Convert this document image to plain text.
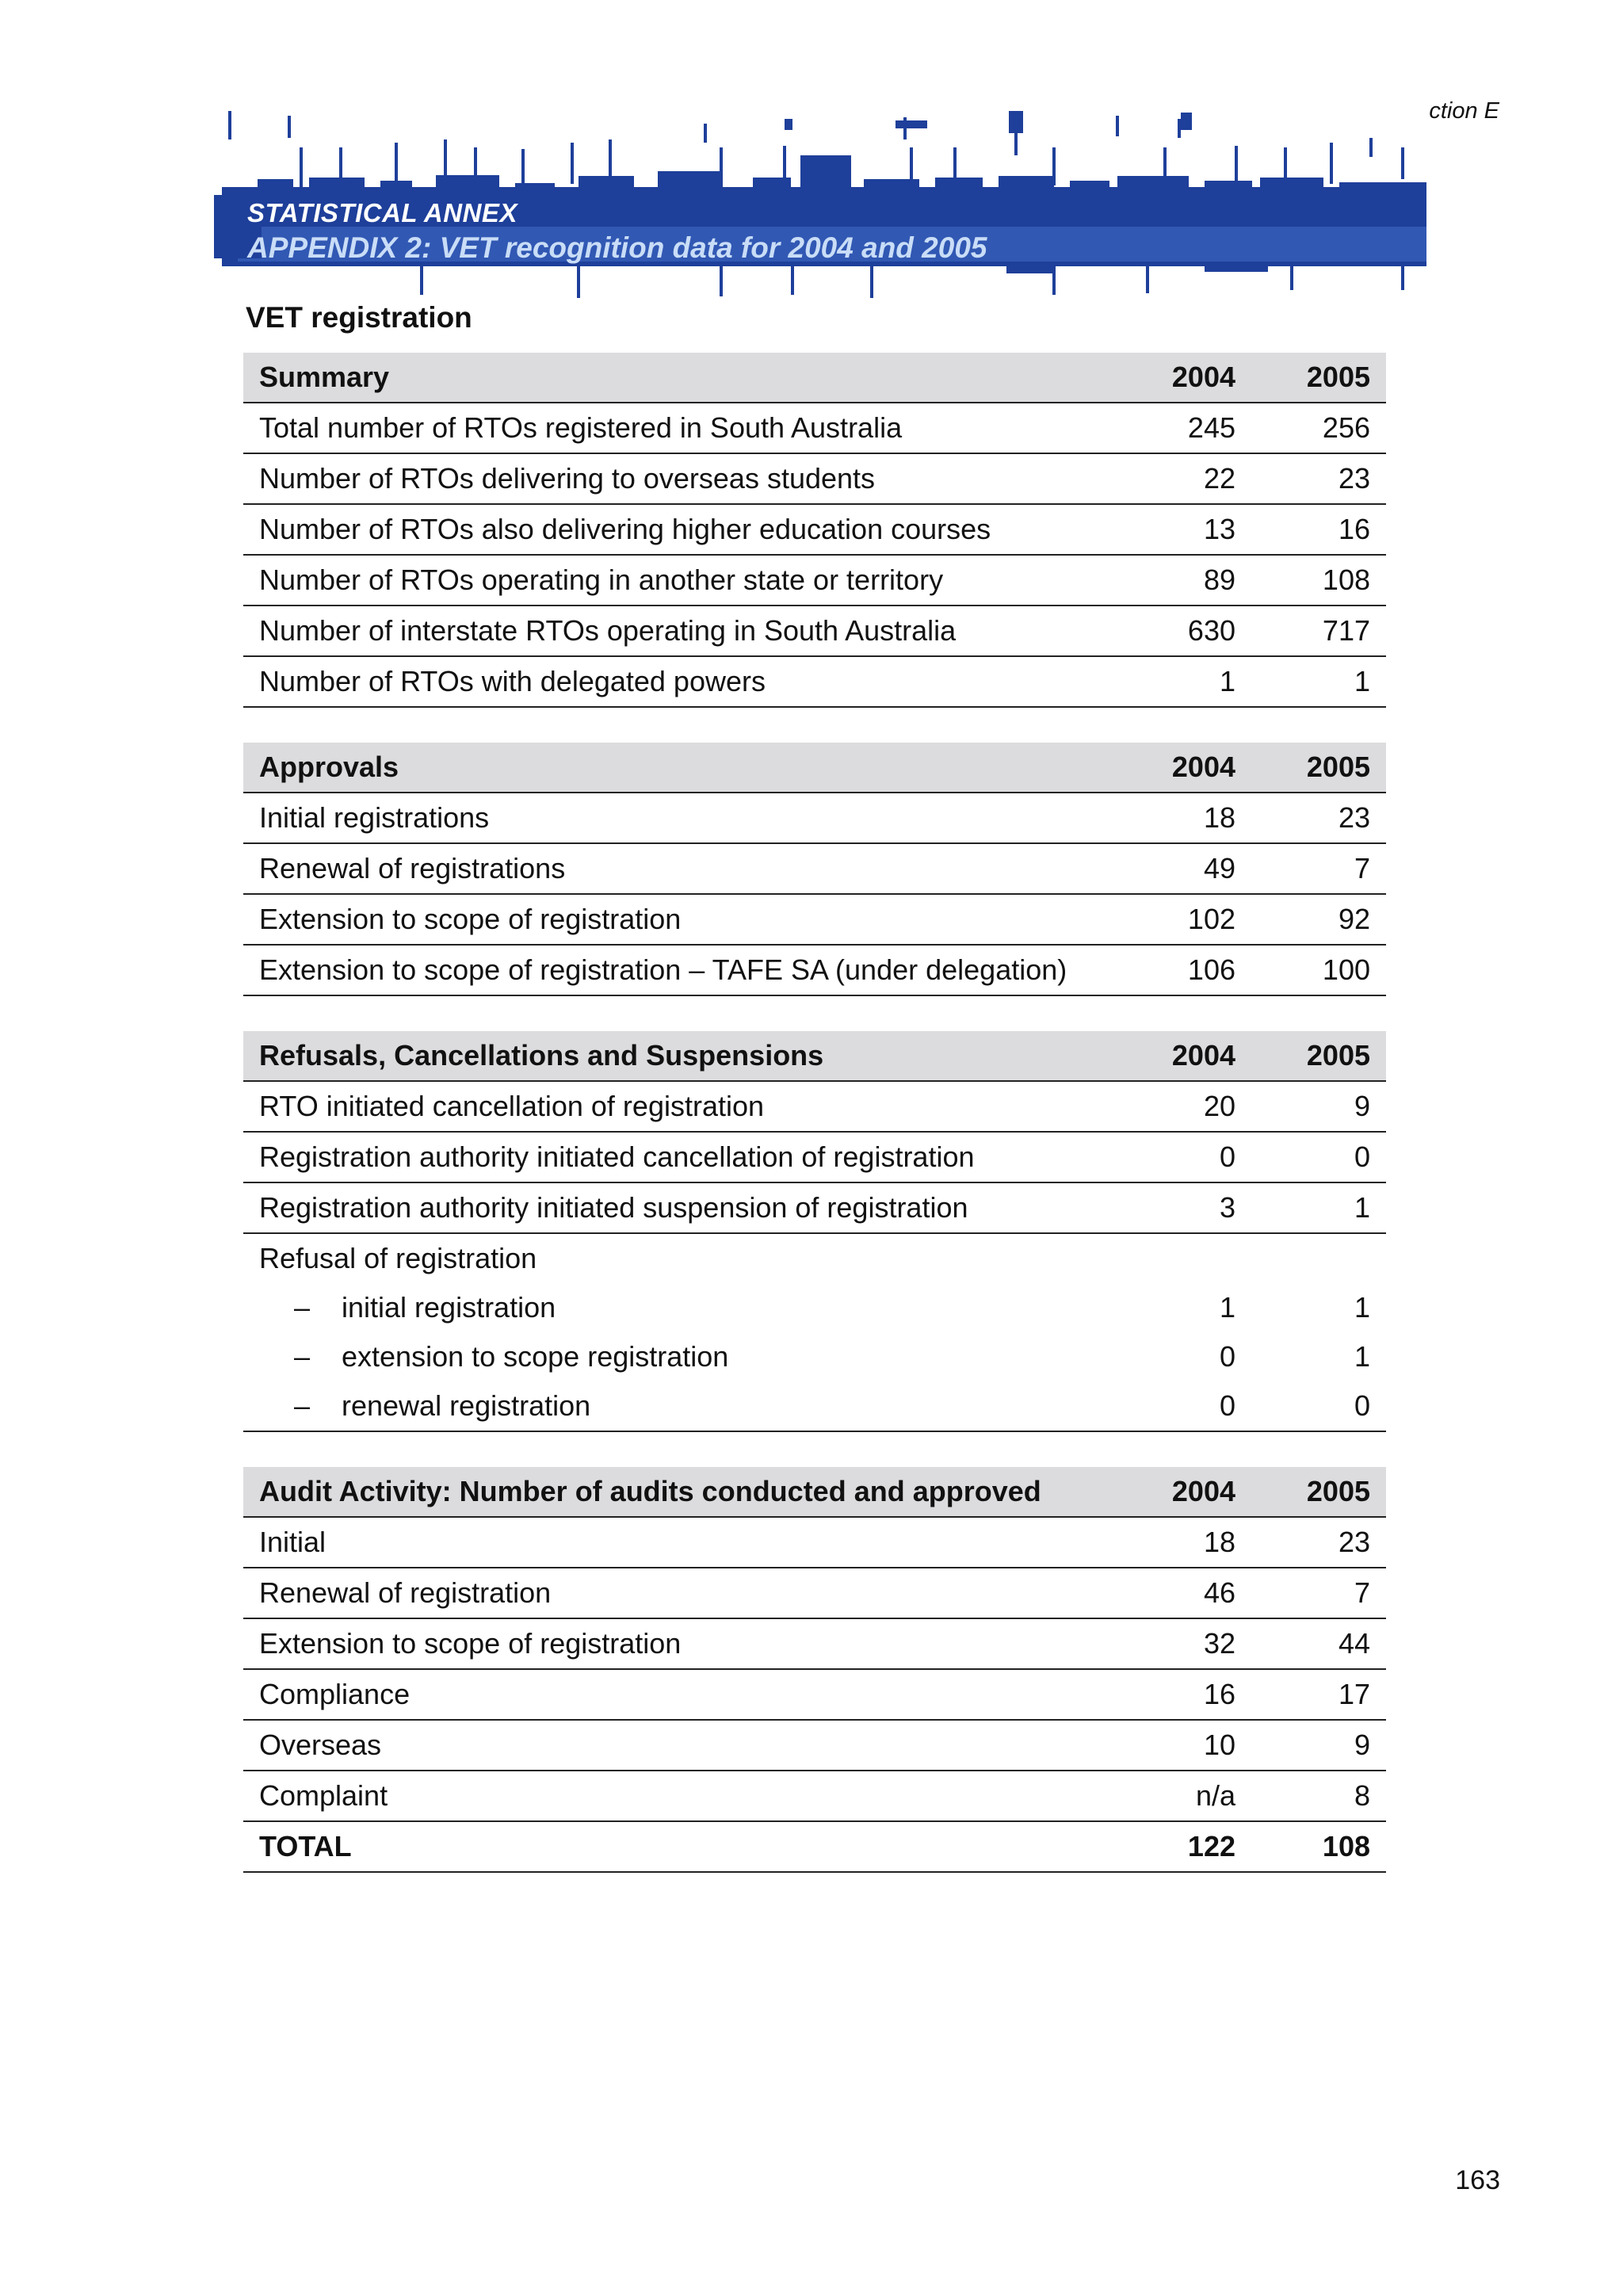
ction E
STATISTICAL ANNEX
APPENDIX 2: VET recognition data for 2004 and 2005
VET registration
Summary	2004	2005
Total number of RTOs registered in South Australia	245	256
Number of RTOs delivering to overseas students	22	23
Number of RTOs also delivering higher education courses	13	16
Number of RTOs operating in another state or territory	89	108
Number of interstate RTOs operating in South Australia	630	717
Number of RTOs with delegated powers	1	1
Approvals	2004	2005
Initial registrations	18	23
Renewal of registrations	49	7
Extension to scope of registration	102	92
Extension to scope of registration – TAFE SA (under delegation)	106	100
Refusals, Cancellations and Suspensions	2004	2005
RTO initiated cancellation of registration	20	9
Registration authority initiated cancellation of registration	0	0
Registration authority initiated suspension of registration	3	1
Refusal of registration		
– initial registration	1	1
– extension to scope registration	0	1
– renewal registration	0	0
Audit Activity: Number of audits conducted and approved	2004	2005
Initial	18	23
Renewal of registration	46	7
Extension to scope of registration	32	44
Compliance	16	17
Overseas	10	9
Complaint	n/a	8
TOTAL	122	108
163
